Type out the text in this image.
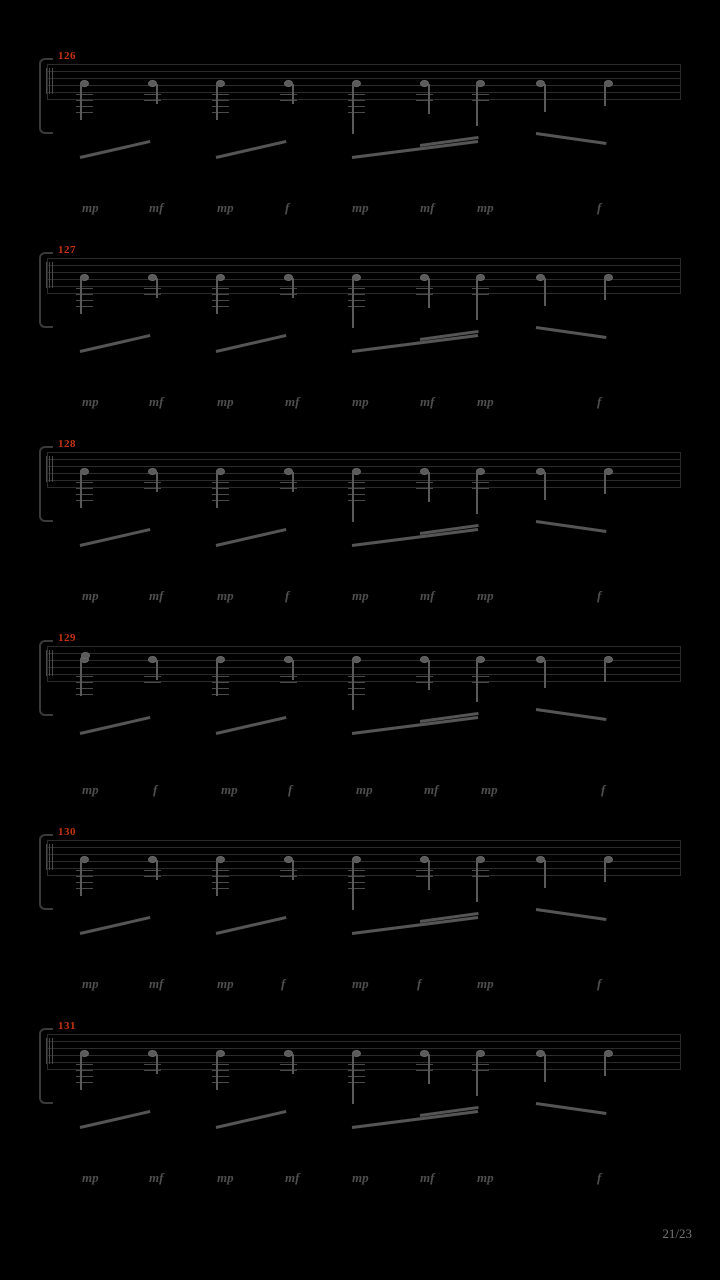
126
mp	mf	mp	f	mp	mf	mp	f
127
mp	mf	mp	mf	mp	mf	mp	f
128
mp	mf	mp	f	mp	mf	mp	f
129
mp	f	mp	f	mp	mf	mp	f
130
mp	mf	mp	f	mp	f	mp	f
131
mp	mf	mp	mf	mp	mf	mp	f
21/23
